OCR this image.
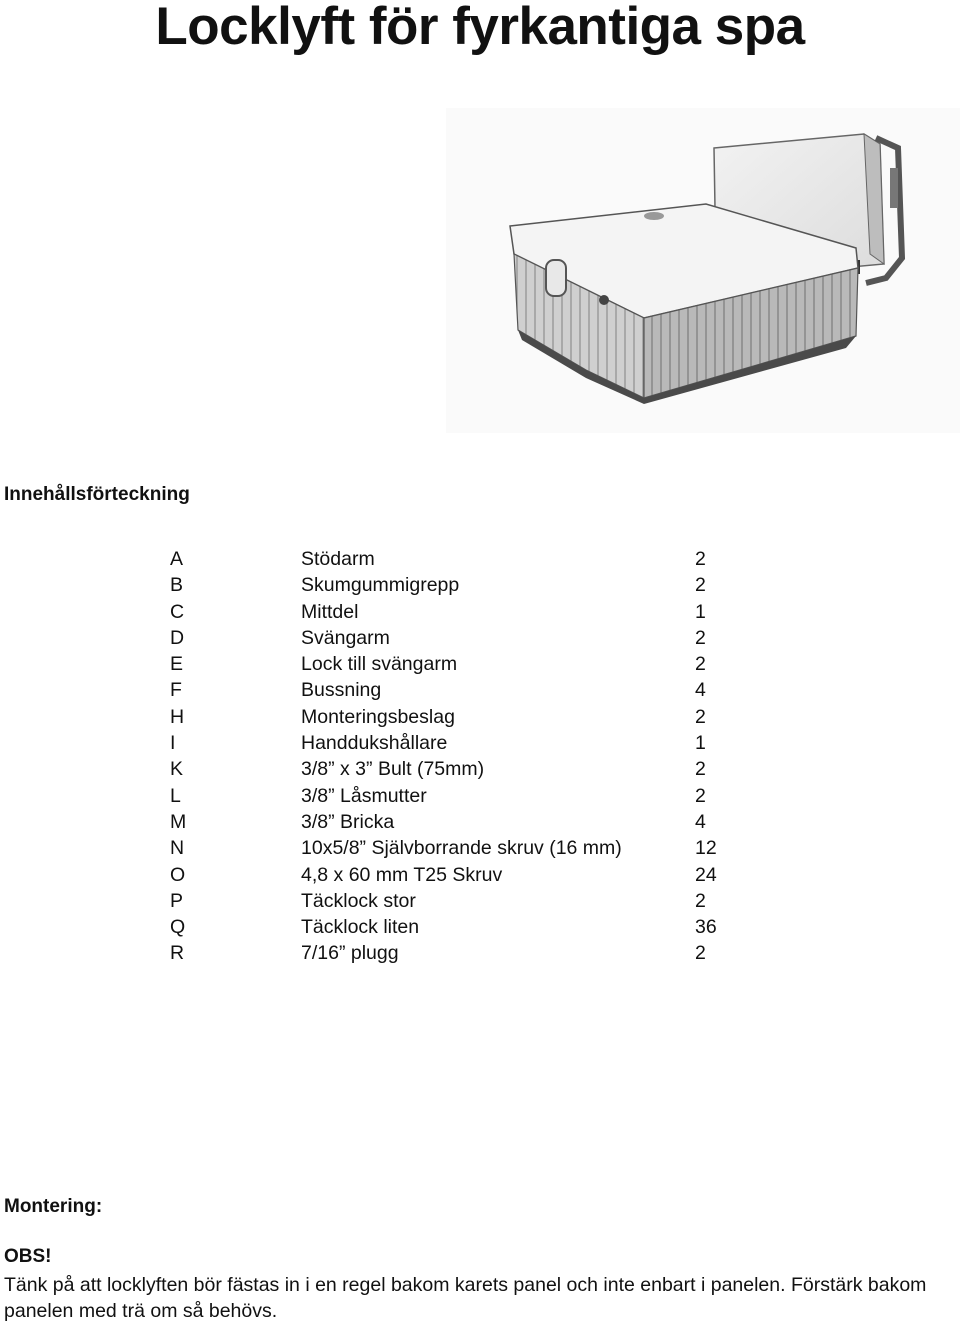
Locklyft för fyrkantiga spa
Innehållsförteckning
A	Stödarm	2
B	Skumgummigrepp	2
C	Mittdel	1
D	Svängarm	2
E	Lock till svängarm	2
F	Bussning	4
H	Monteringsbeslag	2
I	Handdukshållare	1
K	3/8” x 3” Bult (75mm)	2
L	3/8” Låsmutter	2
M	3/8” Bricka	4
N	10x5/8” Självborrande skruv (16 mm)	12
O	4,8 x 60 mm T25 Skruv	24
P	Täcklock stor	2
Q	Täcklock liten	36
R	7/16” plugg	2
Montering:
OBS!
Tänk på att locklyften bör fästas in i en regel bakom karets panel och inte enbart i panelen. Förstärk bakom panelen med trä om så behövs.
